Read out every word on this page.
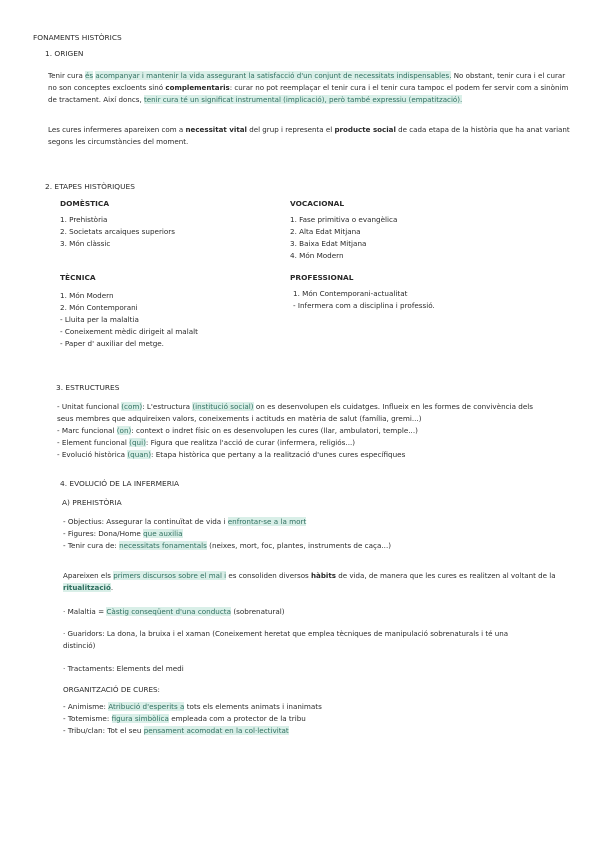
FONAMENTS HISTÒRICS
1. ORIGEN
Tenir cura és acompanyar i mantenir la vida assegurant la satisfacció d'un conjunt de necessitats indispensables. No obstant, tenir cura i el curar no son conceptes excloents sinó complementaris: curar no pot reemplaçar el tenir cura i el tenir cura tampoc el podem fer servir com a sinònim de tractament. Així doncs, tenir cura té un significat instrumental (implicació), però també expressiu (empatització).
Les cures infermeres apareixen com a necessitat vital del grup i representa el producte social de cada etapa de la història que ha anat variant segons les circumstàncies del moment.
2. ETAPES HISTÒRIQUES
DOMÈSTICA
1. Prehistòria
2. Societats arcaiques superiors
3. Món clàssic
VOCACIONAL
1. Fase primitiva o evangèlica
2. Alta Edat Mitjana
3. Baixa Edat Mitjana
4. Món Modern
TÈCNICA
1. Món Modern
2. Món Contemporani
- Lluita per la malaltia
- Coneixement mèdic dirigeit al malalt
- Paper d' auxiliar del metge.
PROFESSIONAL
1. Món Contemporani-actualitat
- Infermera com a disciplina i professió.
3. ESTRUCTURES
- Unitat funcional (com): L'estructura (institució social) on es desenvolupen els cuidatges. Influeix en les formes de convivència dels
seus membres que adquireixen valors, coneixements i actituds en matèria de salut (família, gremi...)
- Marc funcional (on): context o indret físic on es desenvolupen les cures (llar, ambulatori, temple...)
- Element funcional (qui): Figura que realitza l'acció de curar (infermera, religiós...)
- Evolució històrica (quan): Etapa històrica que pertany a la realització d'unes cures específiques
4. EVOLUCIÓ DE LA INFERMERIA
A) PREHISTÒRIA
- Objectius: Assegurar la continuïtat de vida i enfrontar-se a la mort
- Figures: Dona/Home que auxilia
- Tenir cura de: necessitats fonamentals (neixes, mort, foc, plantes, instruments de caça...)
Apareixen els primers discursos sobre el mal i es consoliden diversos hàbits de vida, de manera que les cures es realitzen al voltant de la ritualització.
· Malaltia = Càstig conseqüent d'una conducta (sobrenatural)
· Guaridors: La dona, la bruixa i el xaman (Coneixement heretat que emplea tècniques de manipulació sobrenaturals i té una distinció)
· Tractaments: Elements del medi
ORGANITZACIÓ DE CURES:
- Animisme: Atribució d'esperits a tots els elements animats i inanimats
- Totemisme: figura simbòlica empleada com a protector de la tribu
- Tribu/clan: Tot el seu pensament acomodat en la col·lectivitat
